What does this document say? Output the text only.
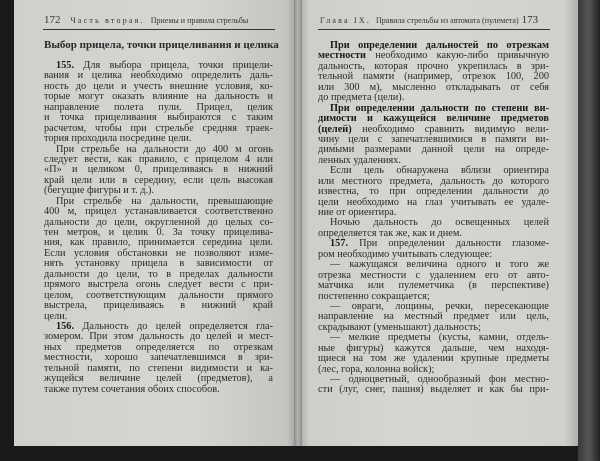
172 Часть вторая. Приемы и правила стрельбы
Выбор прицела, точки прицеливания и целика
155. Для выбора прицела, точки прицели-
вания и целика необходимо определить даль-
ность до цели и учесть внешние условия, ко-
торые могут оказать влияние на дальность и
направление полета пули. Прицел, целик
и точка прицеливания выбираются с таким
расчетом, чтобы при стрельбе средняя траек-
тория проходила посредине цели.
При стрельбе на дальности до 400 м огонь
следует вести, как правило, с прицелом 4 или
«П» и целиком 0, прицеливаясь в нижний
край цели или в середину, если цель высокая
(бегущие фигуры и т. д.).
При стрельбе на дальности, превышающие
400 м, прицел устанавливается соответственно
дальности до цели, округленной до целых со-
тен метров, и целик 0. За точку прицелива-
ния, как правило, принимается середина цели.
Если условия обстановки не позволяют изме-
нять установку прицела в зависимости от
дальности до цели, то в пределах дальности
прямого выстрела огонь следует вести с при-
целом, соответствующим дальности прямого
выстрела, прицеливаясь в нижний край
цели.
156. Дальность до целей определяется гла-
зомером. При этом дальность до целей и мест-
ных предметов определяется по отрезкам
местности, хорошо запечатлевшимся в зри-
тельной памяти, по степени видимости и ка-
жущейся величине целей (предметов), а
также путем сочетания обоих способов.
Глава IX. Правила стрельбы из автомата (пулемета) 173
При определении дальностей по отрезкам
местности необходимо какую-либо привычную
дальность, которая прочно укрепилась в зри-
тельной памяти (например, отрезок 100, 200
или 300 м), мысленно откладывать от себя
до предмета (цели).
При определении дальности по степени ви-
димости и кажущейся величине предметов
(целей) необходимо сравнить видимую вели-
чину цели с запечатлевшимися в памяти ви-
димыми размерами данной цели на опреде-
ленных удалениях.
Если цель обнаружена вблизи ориентира
или местного предмета, дальность до которого
известна, то при определении дальности до
цели необходимо на глаз учитывать ее удале-
ние от ориентира.
Ночью дальность до освещенных целей
определяется так же, как и днем.
157. При определении дальности глазоме-
ром необходимо учитывать следующее:
— кажущаяся величина одного и того же
отрезка местности с удалением его от авто-
матчика или пулеметчика (в перспективе)
постепенно сокращается;
— овраги, лощины, речки, пересекающие
направление на местный предмет или цель,
скрадывают (уменьшают) дальность;
— мелкие предметы (кусты, камни, отдель-
ные фигуры) кажутся дальше, чем находя-
щиеся на том же удалении крупные предметы
(лес, гора, колонна войск);
— одноцветный, однообразный фон местно-
сти (луг, снег, пашня) выделяет и как бы при-
